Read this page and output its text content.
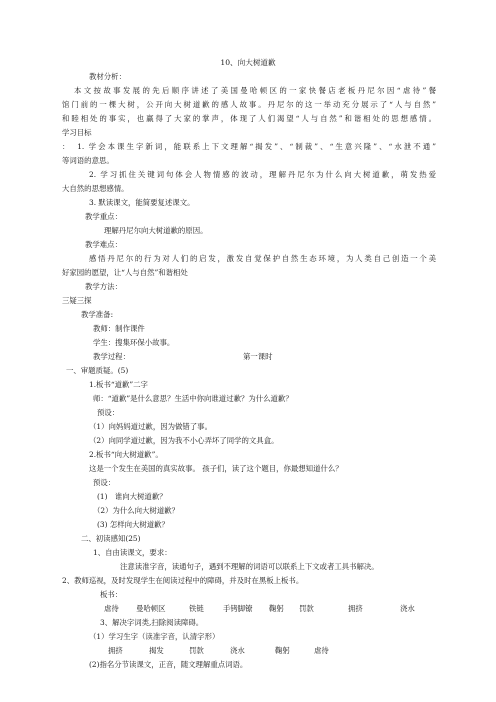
10、向大树道歉
教材分析：
本文按故事发展的先后顺序讲述了美国曼哈顿区的一家快餐店老板丹尼尔因“虐待”餐
馆门前的一棵大树，公开向大树道歉的感人故事。丹尼尔的这一举动充分展示了“人与自然”
和睦相处的事实，也赢得了大家的掌声，体现了人们渴望“人与自然”和谐相处的思想感情。
学习目标
：　1. 学会本课生字新词，能联系上下文理解“揭发”、“制裁”、“生意兴隆”、“水泄不通”
等词语的意思。
2. 学习抓住关键词句体会人物情感的波动，理解丹尼尔为什么向大树道歉，萌发热爱
大自然的思想感情。
3. 默读课文，能简要复述课文。
教学重点：
理解丹尼尔向大树道歉的原因。
教学难点：
感悟丹尼尔的行为对人们的启发，激发自觉保护自然生态环境，为人类自己创造一个美
好家园的愿望，让“人与自然”和谐相处
教学方法：
三疑三探
教学准备:
教师：制作课件
学生：搜集环保小故事。
教学过程：	第一课时
一、审题质疑。(5)
1.板书“道歉”二字
师：“道歉”是什么意思？生活中你向谁道过歉？为什么道歉？
预设：
（1）向妈妈道过歉，因为做错了事。
（2）向同学道过歉，因为我不小心弄坏了同学的文具盒。
2.板书“向大树道歉”。
这是一个发生在美国的真实故事。 孩子们，读了这个题目，你最想知道什么？
预设：
(1)　谁向大树道歉？
（2）为什么向大树道歉？
(3) 怎样向大树道歉？
二、初读感知(25)
1、自由读课文，要求：
注意读准字音，读通句子，遇到不理解的词语可以联系上下文或者工具书解决。
2、教师巡视，及时发现学生在阅读过程中的障碍，并及时在黑板上板书。
板书：
虐待 曼哈顿区	铁链	手铐脚镣 鞠躬 罚款	拥挤	浇水
3、解决字词类,扫除阅读障碍。
（1）学习生字（读准字音，认清字形）
拥挤	揭发	罚款	浇水	鞠躬	虐待
(2)指名分节读课文，正音，随文理解重点词语。
